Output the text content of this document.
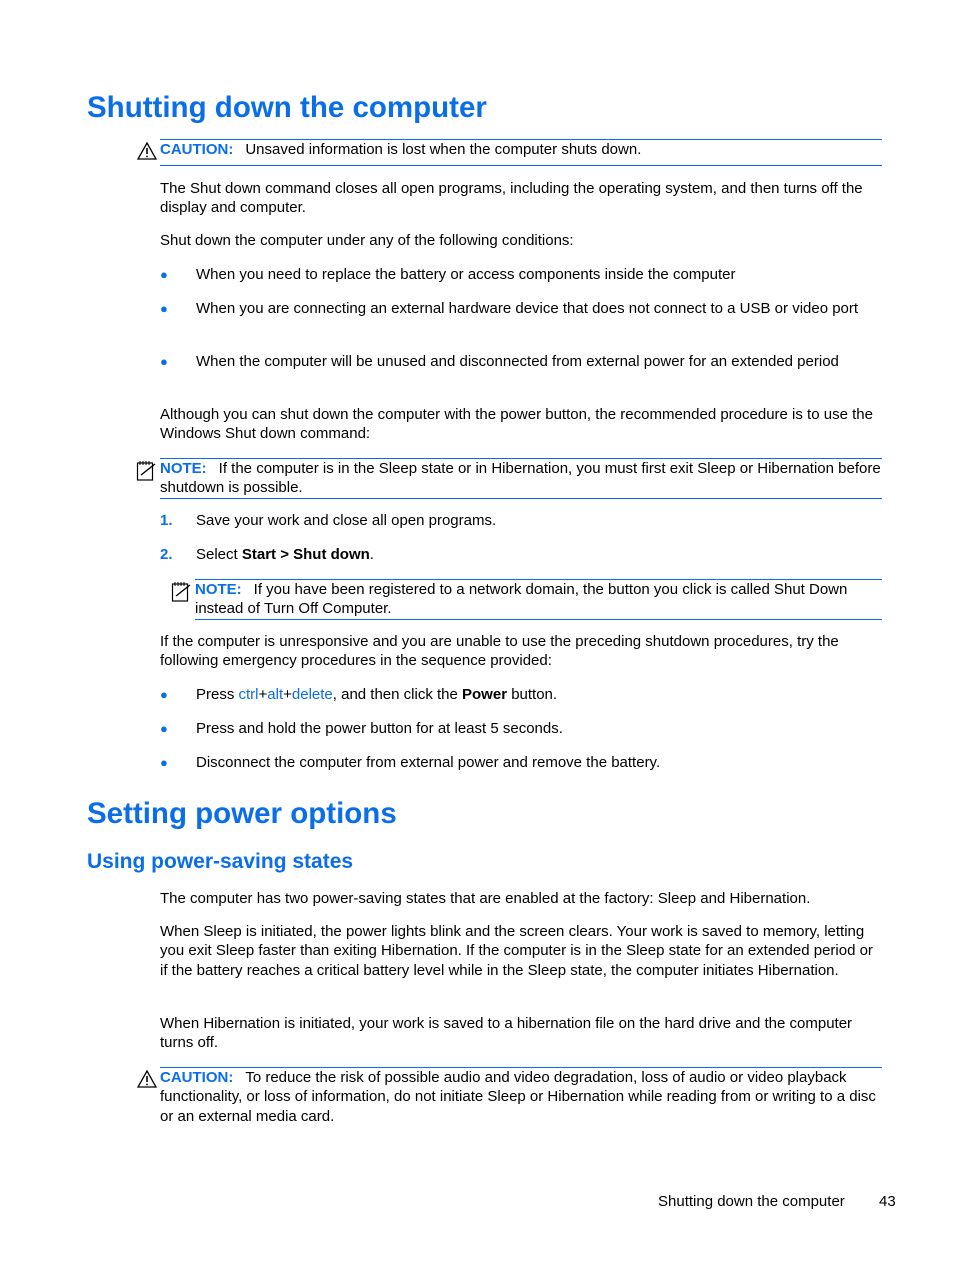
Shutting down the computer
CAUTION: Unsaved information is lost when the computer shuts down.

The Shut down command closes all open programs, including the operating system, and then turns off the display and computer.

Shut down the computer under any of the following conditions:

● When you need to replace the battery or access components inside the computer
● When you are connecting an external hardware device that does not connect to a USB or video port
● When the computer will be unused and disconnected from external power for an extended period

Although you can shut down the computer with the power button, the recommended procedure is to use the Windows Shut down command:

NOTE: If the computer is in the Sleep state or in Hibernation, you must first exit Sleep or Hibernation before shutdown is possible.
1. Save your work and close all open programs.
2. Select Start > Shut down.
NOTE: If you have been registered to a network domain, the button you click is called Shut Down instead of Turn Off Computer.

If the computer is unresponsive and you are unable to use the preceding shutdown procedures, try the following emergency procedures in the sequence provided:

● Press ctrl+alt+delete, and then click the Power button.
● Press and hold the power button for at least 5 seconds.
● Disconnect the computer from external power and remove the battery.
Setting power options
Using power-saving states

The computer has two power-saving states that are enabled at the factory: Sleep and Hibernation.

When Sleep is initiated, the power lights blink and the screen clears. Your work is saved to memory, letting you exit Sleep faster than exiting Hibernation. If the computer is in the Sleep state for an extended period or if the battery reaches a critical battery level while in the Sleep state, the computer initiates Hibernation.

When Hibernation is initiated, your work is saved to a hibernation file on the hard drive and the computer turns off.

CAUTION: To reduce the risk of possible audio and video degradation, loss of audio or video playback functionality, or loss of information, do not initiate Sleep or Hibernation while reading from or writing to a disc or an external media card.
Shutting down the computer 43
